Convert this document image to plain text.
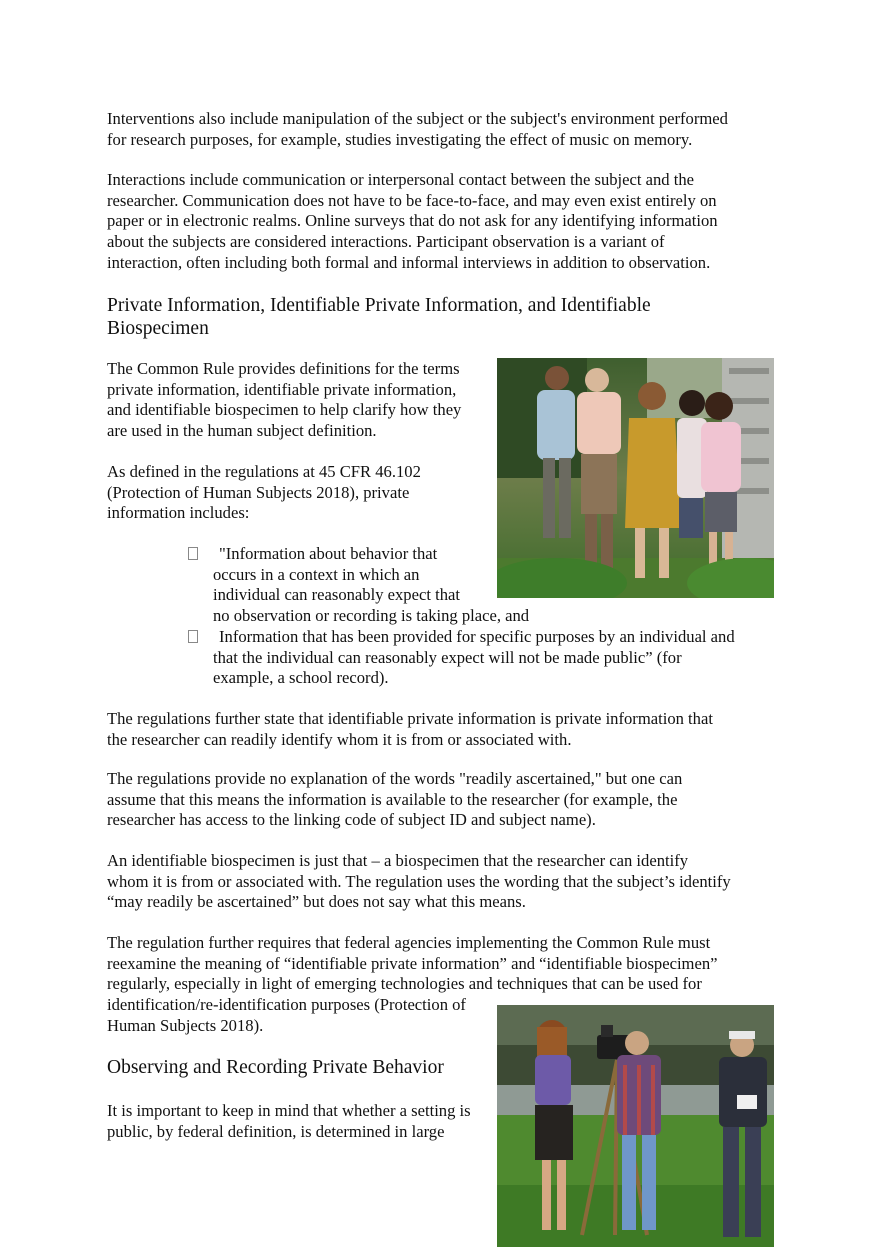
Interventions also include manipulation of the subject or the subject's environment performed
for research purposes, for example, studies investigating the effect of music on memory.
Interactions include communication or interpersonal contact between the subject and the
researcher. Communication does not have to be face-to-face, and may even exist entirely on
paper or in electronic realms. Online surveys that do not ask for any identifying information
about the subjects are considered interactions. Participant observation is a variant of
interaction, often including both formal and informal interviews in addition to observation.
Private Information, Identifiable Private Information, and Identifiable
Biospecimen
The Common Rule provides definitions for the terms
private information, identifiable private information,
and identifiable biospecimen to help clarify how they
are used in the human subject definition.
As defined in the regulations at 45 CFR 46.102
(Protection of Human Subjects 2018), private
information includes:
"Information about behavior that
occurs in a context in which an
individual can reasonably expect that
no observation or recording is taking place, and
Information that has been provided for specific purposes by an individual and
that the individual can reasonably expect will not be made public” (for
example, a school record).
The regulations further state that identifiable private information is private information that
the researcher can readily identify whom it is from or associated with.
The regulations provide no explanation of the words "readily ascertained," but one can
assume that this means the information is available to the researcher (for example, the
researcher has access to the linking code of subject ID and subject name).
An identifiable biospecimen is just that – a biospecimen that the researcher can identify
whom it is from or associated with. The regulation uses the wording that the subject’s identify
“may readily be ascertained” but does not say what this means.
The regulation further requires that federal agencies implementing the Common Rule must
reexamine the meaning of “identifiable private information” and “identifiable biospecimen”
regularly, especially in light of emerging technologies and techniques that can be used for
identification/re-identification purposes (Protection of
Human Subjects 2018).
Observing and Recording Private Behavior
It is important to keep in mind that whether a setting is
public, by federal definition, is determined in large
